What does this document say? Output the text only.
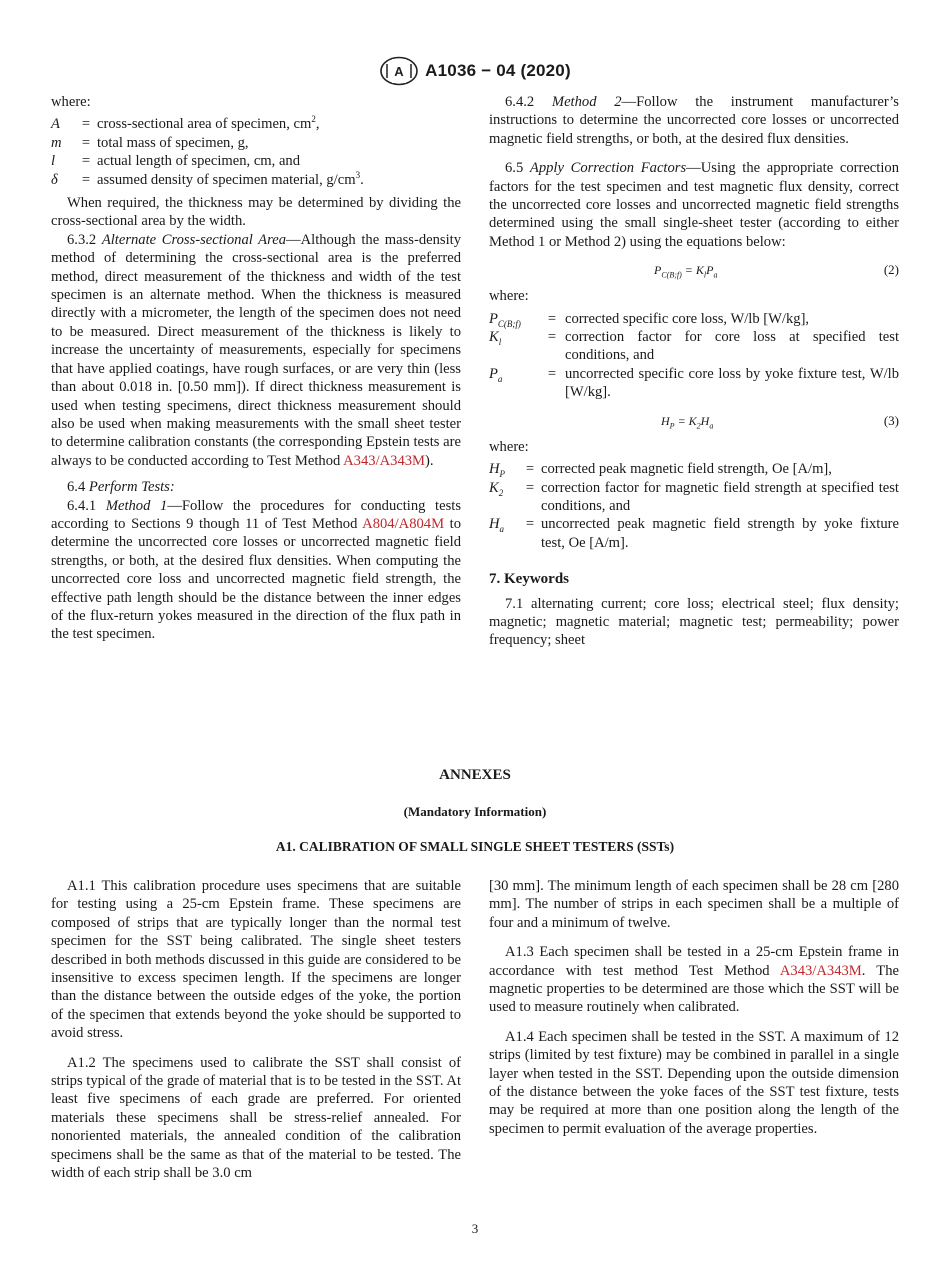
A A1036 − 04 (2020)

where:

A	=	cross-sectional area of specimen, $cm^2$,
m	=	total mass of specimen, g,
l	=	actual length of specimen, cm, and
δ	=	assumed density of specimen material, $g/cm^3$.

When required, the thickness may be determined by dividing the cross-sectional area by the width.

6.3.2 Alternate Cross-sectional Area—Although the mass-density method of determining the cross-sectional area is the preferred method, direct measurement of the thickness and width of the test specimen is an alternate method. When the thickness is measured directly with a micrometer, the length of the specimen does not need to be measured. Direct measurement of the thickness is likely to increase the uncertainty of measurements, especially for specimens that have applied coatings, have rough surfaces, or are very thin (less than about 0.018 in. [0.50 mm]). If direct thickness measurement is used when testing specimens, direct thickness measurement should also be used when making measurements with the small sheet tester to determine calibration constants (the corresponding Epstein tests are always to be conducted according to Test Method A343/A343M).

6.4 Perform Tests:

6.4.1 Method 1—Follow the procedures for conducting tests according to Sections 9 though 11 of Test Method A804/A804M to determine the uncorrected core losses or uncorrected magnetic field strengths, or both, at the desired flux densities. When computing the uncorrected core loss and uncorrected magnetic field strength, the effective path length should be the distance between the inner edges of the flux-return yokes measured in the direction of the flux path in the test specimen.

6.4.2 Method 2—Follow the instrument manufacturer’s instructions to determine the uncorrected core losses or uncorrected magnetic field strengths, or both, at the desired flux densities.

6.5 Apply Correction Factors—Using the appropriate correction factors for the test specimen and test magnetic flux density, correct the uncorrected core losses and uncorrected magnetic field strengths determined using the small single-sheet tester (according to either Method 1 or Method 2) using the equations below:

$P_{C(B;f)} = K_lP_a$	(2)

where:

$P_{C(B;f)}$	=	corrected specific core loss, W/lb [W/kg],
$K_l$	=	correction factor for core loss at specified test conditions, and
$P_a$	=	uncorrected specific core loss by yoke fixture test, W/lb [W/kg].
$H_P = K_2H_a$	(3)

where:

$H_P$	=	corrected peak magnetic field strength, Oe [A/m],
$K_2$	=	correction factor for magnetic field strength at specified test conditions, and
$H_a$	=	uncorrected peak magnetic field strength by yoke fixture test, Oe [A/m].
7. Keywords

7.1 alternating current; core loss; electrical steel; flux density; magnetic; magnetic material; magnetic test; permeability; power frequency; sheet

ANNEXES
(Mandatory Information)
A1. CALIBRATION OF SMALL SINGLE SHEET TESTERS (SSTs)

A1.1 This calibration procedure uses specimens that are suitable for testing using a 25-cm Epstein frame. These specimens are composed of strips that are typically longer than the normal test specimen for the SST being calibrated. The single sheet testers described in both methods discussed in this guide are considered to be insensitive to excess specimen length. If the specimens are longer than the distance between the outside edges of the yoke, the portion of the specimen that extends beyond the yoke should be supported to avoid stress.

A1.2 The specimens used to calibrate the SST shall consist of strips typical of the grade of material that is to be tested in the SST. At least five specimens of each grade are preferred. For oriented materials these specimens shall be stress-relief annealed. For nonoriented materials, the annealed condition of the calibration specimens shall be the same as that of the material to be tested. The width of each strip shall be 3.0 cm

[30 mm]. The minimum length of each specimen shall be 28 cm [280 mm]. The number of strips in each specimen shall be a multiple of four and a minimum of twelve.

A1.3 Each specimen shall be tested in a 25-cm Epstein frame in accordance with test method Test Method A343/A343M. The magnetic properties to be determined are those which the SST will be used to measure routinely when calibrated.

A1.4 Each specimen shall be tested in the SST. A maximum of 12 strips (limited by test fixture) may be combined in parallel in a single layer when tested in the SST. Depending upon the outside dimension of the distance between the yoke faces of the SST test fixture, tests may be required at more than one position along the length of the specimen to permit evaluation of the average properties.

3
